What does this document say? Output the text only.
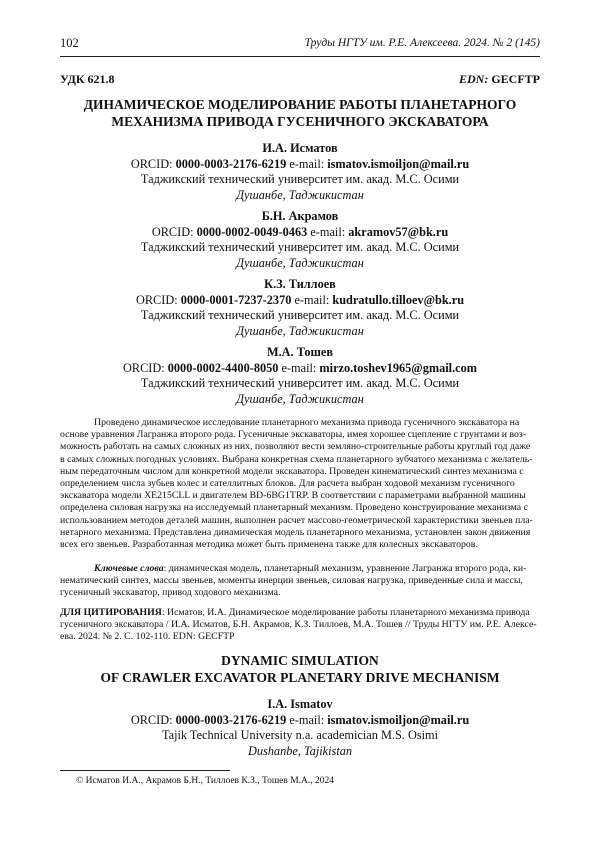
102	Труды НГТУ им. Р.Е. Алексеева. 2024. № 2 (145)
УДК 621.8	EDN: GECFTP
ДИНАМИЧЕСКОЕ МОДЕЛИРОВАНИЕ РАБОТЫ ПЛАНЕТАРНОГО
МЕХАНИЗМА ПРИВОДА ГУСЕНИЧНОГО ЭКСКАВАТОРА
И.А. Исматов
ORCID: 0000-0003-2176-6219 e-mail: ismatov.ismoiljon@mail.ru
Таджикский технический университет им. акад. М.С. Осими
Душанбе, Таджикистан
Б.Н. Акрамов
ORCID: 0000-0002-0049-0463 e-mail: akramov57@bk.ru
Таджикский технический университет им. акад. М.С. Осими
Душанбе, Таджикистан
К.З. Тиллоев
ORCID: 0000-0001-7237-2370 e-mail: kudratullo.tilloev@bk.ru
Таджикский технический университет им. акад. М.С. Осими
Душанбе, Таджикистан
М.А. Тошев
ORCID: 0000-0002-4400-8050 e-mail: mirzo.toshev1965@gmail.com
Таджикский технический университет им. акад. М.С. Осими
Душанбе, Таджикистан

Проведено динамическое исследование планетарного механизма привода гусеничного экскаватора на
основе уравнения Лагранжа второго рода. Гусеничные экскаваторы, имея хорошее сцепление с грунтами и воз-
можность работать на самых сложных из них, позволяют вести земляно-строительные работы круглый год даже
в самых сложных погодных условиях. Выбрана конкретная схема планетарного зубчатого механизма с желатель-
ным передаточным числом для конкретной модели экскаватора. Проведен кинематический синтез механизма с
определением числа зубьев колес и сателлитных блоков. Для расчета выбран ходовой механизм гусеничного
экскаватора модели XE215CLL и двигателем BD-6BG1TRP. В соответствии с параметрами выбранной машины
определена силовая нагрузка на исследуемый планетарный механизм. Проведено конструирование механизма с
использованием методов деталей машин, выполнен расчет массово-геометрической характеристики звеньев пла-
нетарного механизма. Представлена динамическая модель планетарного механизма, установлен закон движения
всех его звеньев. Разработанная методика может быть применена также для колесных экскаваторов.

Ключевые слова: динамическая модель, планетарный механизм, уравнение Лагранжа второго рода, ки-
нематический синтез, массы звеньев, моменты инерции звеньев, силовая нагрузка, приведенные сила и массы,
гусеничный экскаватор, привод ходового механизма.
ДЛЯ ЦИТИРОВАНИЯ: Исматов, И.А. Динамическое моделирование работы планетарного механизма привода
гусеничного экскаватора / И.А. Исматов, Б.Н. Акрамов, К.З. Тиллоев, М.А. Тошев // Труды НГТУ им. Р.Е. Алексе-
ева. 2024. № 2. С. 102-110. EDN: GECFTP
DYNAMIC SIMULATION
OF CRAWLER EXCAVATOR PLANETARY DRIVE MECHANISM
I.A. Ismatov
ORCID: 0000-0003-2176-6219 e-mail: ismatov.ismoiljon@mail.ru
Tajik Technical University n.a. academician M.S. Osimi
Dushanbe, Tajikistan
© Исматов И.А., Акрамов Б.Н., Тиллоев К.З., Тошев М.А., 2024
